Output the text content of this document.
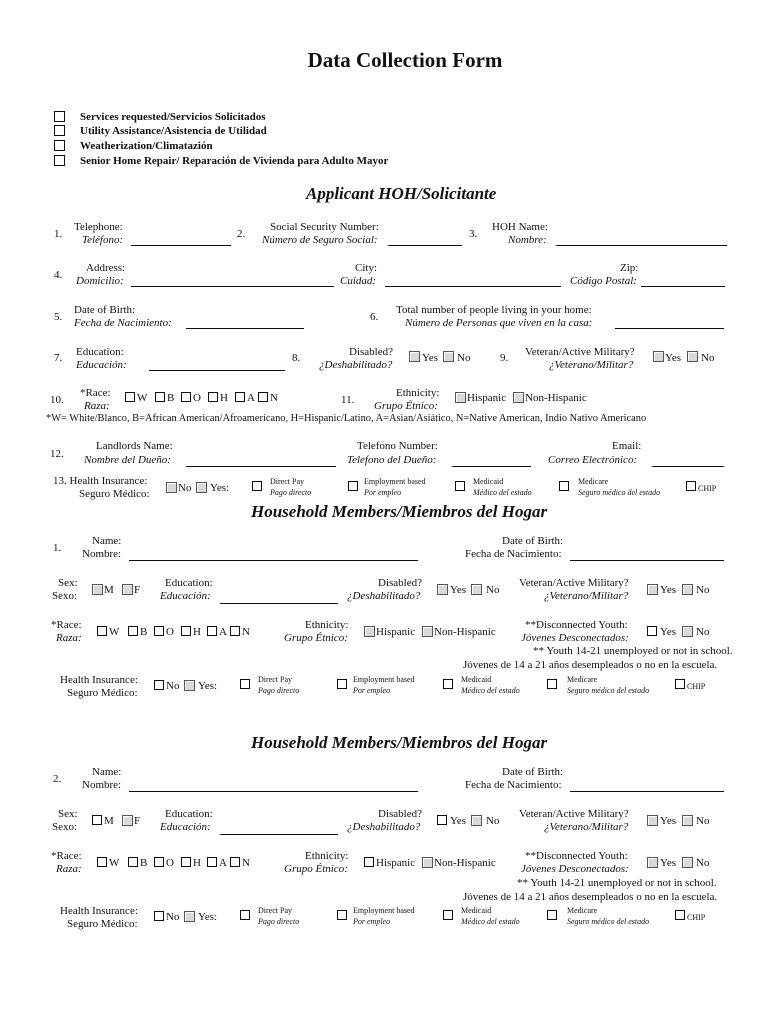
Data Collection Form
Services requested/Servicios Solicitados
Utility Assistance/Asistencia de Utilidad
Weatherization/Climatazión
Senior Home Repair/ Reparación de Vivienda para Adulto Mayor
Applicant HOH/Solicitante
1.
Telephone:
Teléfono:	2.
Social Security Number:
Número de Seguro Social:	3.
HOH Name:
Nombre:
4.
Address:
Domicilio:
City:
Cuidad:
Zip:
Código Postal:
5.
Date of Birth:
Fecha de Nacimiento:	6.
Total number of people living in your home:
Número de Personas que viven en la casa:
7. Education:
Educación:
8.	Disabled?
¿Deshabilitado?
Yes No	9. Veteran/Active Military?
¿Veterano/Militar?
Yes No
10.
*Race:
Raza:
W B O H A N	11.
Ethnicity:
Grupo Étnico:
Hispanic Non-Hispanic
*W= White/Blanco, B=African American/Afroamericano, H=Hispanic/Latino, A=Asian/Asiático, N=Native American, Indio Nativo Americano
12.
Landlords Name:
Nombre del Dueño:
Telefono Number:
Telefono del Dueño:
Email:
Correo Electrónico:
13. Health Insurance:
Seguro Médico:	No Yes:
Direct Pay
Pago directo
Employment based
Por empleo
Medicaid
Médico del estado
Medicare
Seguro médico del estado	CHIP
Household Members/Miembros del Hogar
1.
Name:
Nombre:
Date of Birth:
Fecha de Nacimiento:
Sex:
Sexo: M F
Education:
Educación:
Disabled?
¿Deshabilitado?	Yes No
Veteran/Active Military?
¿Veterano/Militar?	Yes No
*Race:
Raza: W B O H A N
Ethnicity:
Grupo Étnico:	Hispanic Non-Hispanic
**Disconnected Youth:
Jóvenes Desconectados:	Yes No
** Youth 14-21 unemployed or not in school.
Jóvenes de 14 a 21 años desempleados o no en la escuela.
Health Insurance:
Seguro Médico:
No Yes:
Direct Pay
Pago directo
Employment based
Por empleo
Medicaid
Médico del estado
Medicare
Seguro médico del estado	CHIP
Household Members/Miembros del Hogar
2.
Name:
Nombre:
Date of Birth:
Fecha de Nacimiento:
Sex:
Sexo: M F
Education:
Educación:
Disabled?
¿Deshabilitado?	Yes No
Veteran/Active Military?
¿Veterano/Militar?	Yes No
*Race:
Raza: W B O H A N
Ethnicity:
Grupo Étnico:	Hispanic Non-Hispanic
**Disconnected Youth:
Jóvenes Desconectados:	Yes No
** Youth 14-21 unemployed or not in school.
Jóvenes de 14 a 21 años desempleados o no en la escuela.
Health Insurance:
Seguro Médico:
No Yes:
Direct Pay
Pago directo
Employment based
Por empleo
Medicaid
Médico del estado
Medicare
Seguro médico del estado	CHIP
